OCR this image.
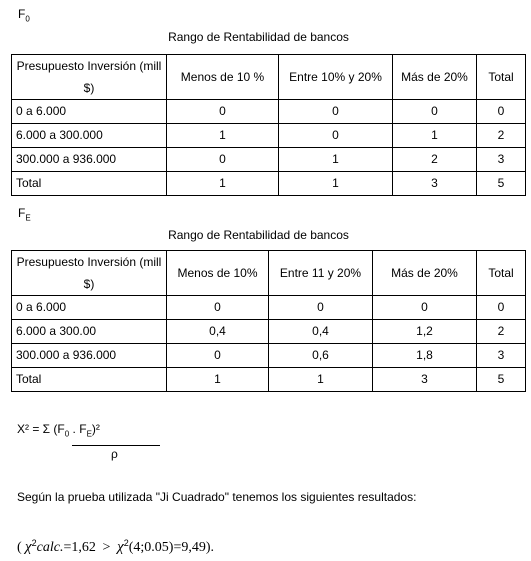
$F_0$
Rango de Rentabilidad de bancos
Presupuesto Inversión (mill $)	Menos de 10 %	Entre 10% y 20%	Más de 20%	Total
0 a 6.000	0	0	0	0
6.000 a 300.000	1	0	1	2
300.000 a 936.000	0	1	2	3
Total	1	1	3	5
$F_E$
Rango de Rentabilidad de bancos
Presupuesto Inversión (mill $)	Menos de 10%	Entre 11 y 20%	Más de 20%	Total
0 a 6.000	0	0	0	0
6.000 a 300.00	0,4	0,4	1,2	2
300.000 a 936.000	0	0,6	1,8	3
Total	1	1	3	5
X² = Σ ($F_0$ . $F_E)^2$
ρ
Según la prueba utilizada "Ji Cuadrado" tenemos los siguientes resultados:
( $\chi^2calc.=1,62$ > $\chi^2(4;0.05)=9,49$).
